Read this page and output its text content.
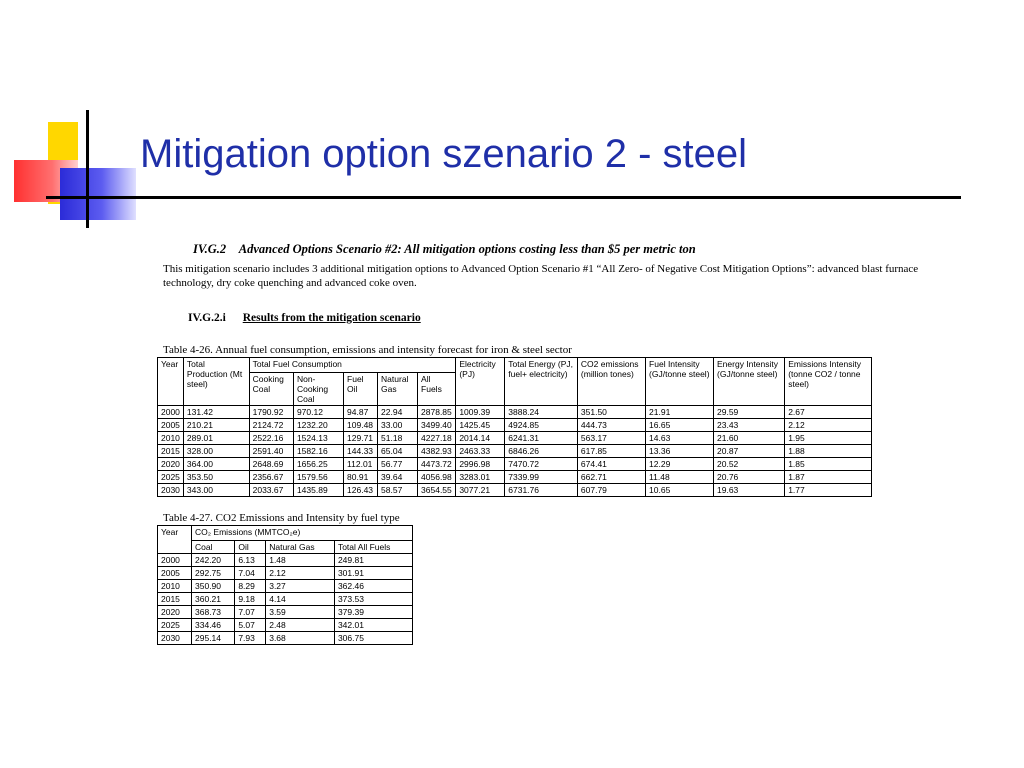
Mitigation option szenario 2 - steel
IV.G.2 Advanced Options Scenario #2: All mitigation options costing less than $5 per metric ton
This mitigation scenario includes 3 additional mitigation options to Advanced Option Scenario #1 “All Zero- of Negative Cost Mitigation Options”: advanced blast furnace technology, dry coke quenching and advanced coke oven.
IV.G.2.i Results from the mitigation scenario
Table 4-26. Annual fuel consumption, emissions and intensity forecast for iron & steel sector
Year	Total Production (Mt steel)	Total Fuel Consumption					Electricity (PJ)	Total Energy (PJ, fuel+ electricity)	CO2 emissions (million tones)	Fuel Intensity (GJ/tonne steel)	Energy Intensity (GJ/tonne steel)	Emissions Intensity (tonne CO2 / tonne steel)
		Cooking Coal	Non-Cooking Coal	Fuel Oil	Natural Gas	All Fuels						
2000	131.42	1790.92	970.12	94.87	22.94	2878.85	1009.39	3888.24	351.50	21.91	29.59	2.67
2005	210.21	2124.72	1232.20	109.48	33.00	3499.40	1425.45	4924.85	444.73	16.65	23.43	2.12
2010	289.01	2522.16	1524.13	129.71	51.18	4227.18	2014.14	6241.31	563.17	14.63	21.60	1.95
2015	328.00	2591.40	1582.16	144.33	65.04	4382.93	2463.33	6846.26	617.85	13.36	20.87	1.88
2020	364.00	2648.69	1656.25	112.01	56.77	4473.72	2996.98	7470.72	674.41	12.29	20.52	1.85
2025	353.50	2356.67	1579.56	80.91	39.64	4056.98	3283.01	7339.99	662.71	11.48	20.76	1.87
2030	343.00	2033.67	1435.89	126.43	58.57	3654.55	3077.21	6731.76	607.79	10.65	19.63	1.77
Table 4-27. CO2 Emissions and Intensity by fuel type
Year	CO₂ Emissions (MMTCO₂e)			
	Coal	Oil	Natural Gas	Total All Fuels
2000	242.20	6.13	1.48	249.81
2005	292.75	7.04	2.12	301.91
2010	350.90	8.29	3.27	362.46
2015	360.21	9.18	4.14	373.53
2020	368.73	7.07	3.59	379.39
2025	334.46	5.07	2.48	342.01
2030	295.14	7.93	3.68	306.75
